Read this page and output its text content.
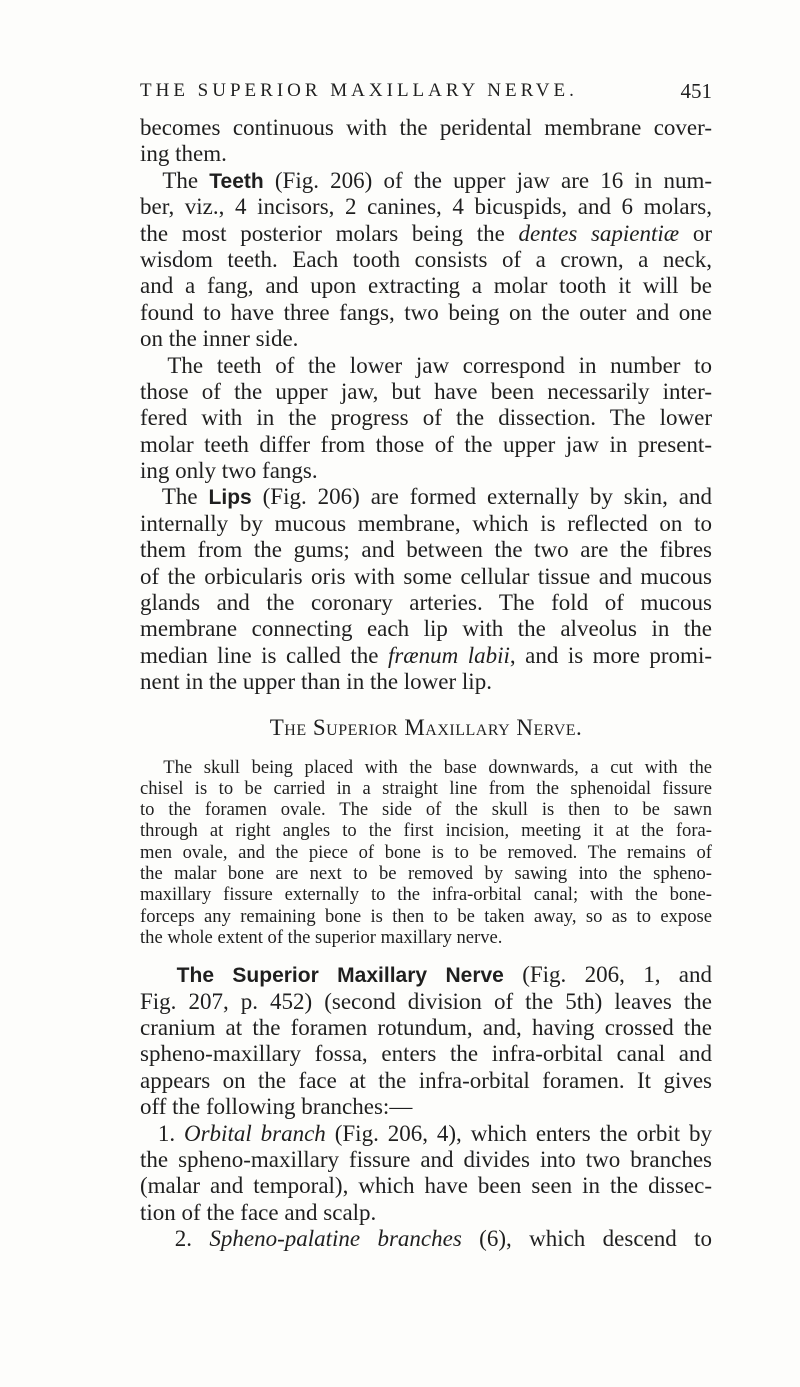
THE SUPERIOR MAXILLARY NERVE.	451
becomes continuous with the peridental membrane cover-
ing them.
The Teeth (Fig. 206) of the upper jaw are 16 in num-
ber, viz., 4 incisors, 2 canines, 4 bicuspids, and 6 molars,
the most posterior molars being the dentes sapientiæ or
wisdom teeth. Each tooth consists of a crown, a neck,
and a fang, and upon extracting a molar tooth it will be
found to have three fangs, two being on the outer and one
on the inner side.
The teeth of the lower jaw correspond in number to
those of the upper jaw, but have been necessarily inter-
fered with in the progress of the dissection. The lower
molar teeth differ from those of the upper jaw in present-
ing only two fangs.
The Lips (Fig. 206) are formed externally by skin, and
internally by mucous membrane, which is reflected on to
them from the gums; and between the two are the fibres
of the orbicularis oris with some cellular tissue and mucous
glands and the coronary arteries. The fold of mucous
membrane connecting each lip with the alveolus in the
median line is called the frænum labii, and is more promi-
nent in the upper than in the lower lip.
The Superior Maxillary Nerve.
The skull being placed with the base downwards, a cut with the
chisel is to be carried in a straight line from the sphenoidal fissure
to the foramen ovale. The side of the skull is then to be sawn
through at right angles to the first incision, meeting it at the fora-
men ovale, and the piece of bone is to be removed. The remains of
the malar bone are next to be removed by sawing into the spheno-
maxillary fissure externally to the infra-orbital canal; with the bone-
forceps any remaining bone is then to be taken away, so as to expose
the whole extent of the superior maxillary nerve.
The Superior Maxillary Nerve (Fig. 206, 1, and
Fig. 207, p. 452) (second division of the 5th) leaves the
cranium at the foramen rotundum, and, having crossed the
spheno-maxillary fossa, enters the infra-orbital canal and
appears on the face at the infra-orbital foramen. It gives
off the following branches:—
1. Orbital branch (Fig. 206, 4), which enters the orbit by
the spheno-maxillary fissure and divides into two branches
(malar and temporal), which have been seen in the dissec-
tion of the face and scalp.
2. Spheno-palatine branches (6), which descend to
